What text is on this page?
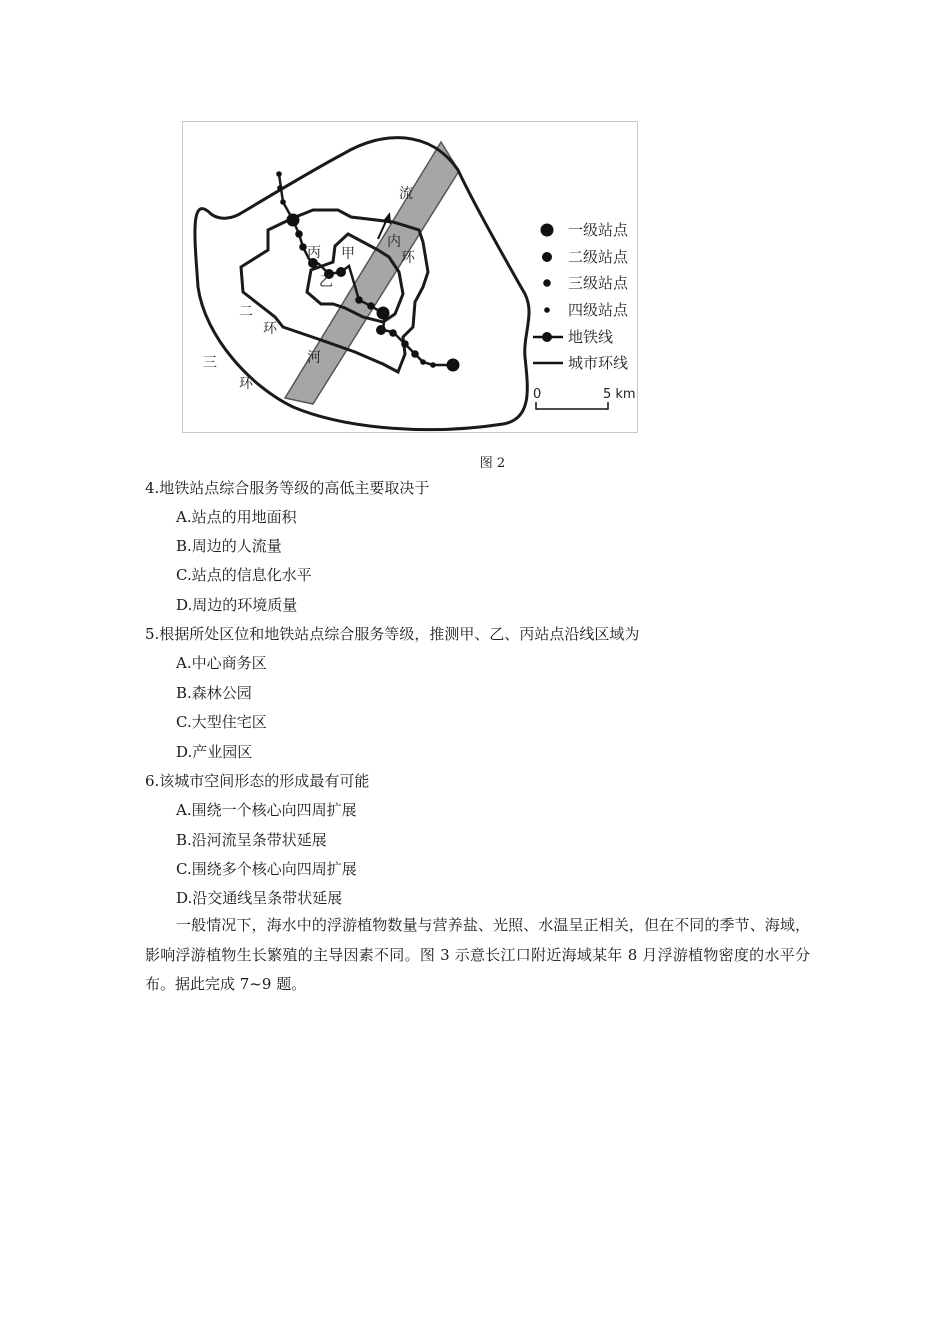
丙 甲
乙
流
河
内
环
二
环
三
环
一级站点
二级站点
三级站点
四级站点
地铁线
城市环线
0	5 km
图 2
4.地铁站点综合服务等级的高低主要取决于
A.站点的用地面积
B.周边的人流量
C.站点的信息化水平
D.周边的环境质量
5.根据所处区位和地铁站点综合服务等级，推测甲、乙、丙站点沿线区域为
A.中心商务区
B.森林公园
C.大型住宅区
D.产业园区
6.该城市空间形态的形成最有可能
A.围绕一个核心向四周扩展
B.沿河流呈条带状延展
C.围绕多个核心向四周扩展
D.沿交通线呈条带状延展
一般情况下，海水中的浮游植物数量与营养盐、光照、水温呈正相关，但在不同的季节、海域，影响浮游植物生长繁殖的主导因素不同。图 3 示意长江口附近海域某年 8 月浮游植物密度的水平分布。据此完成 7~9 题。
